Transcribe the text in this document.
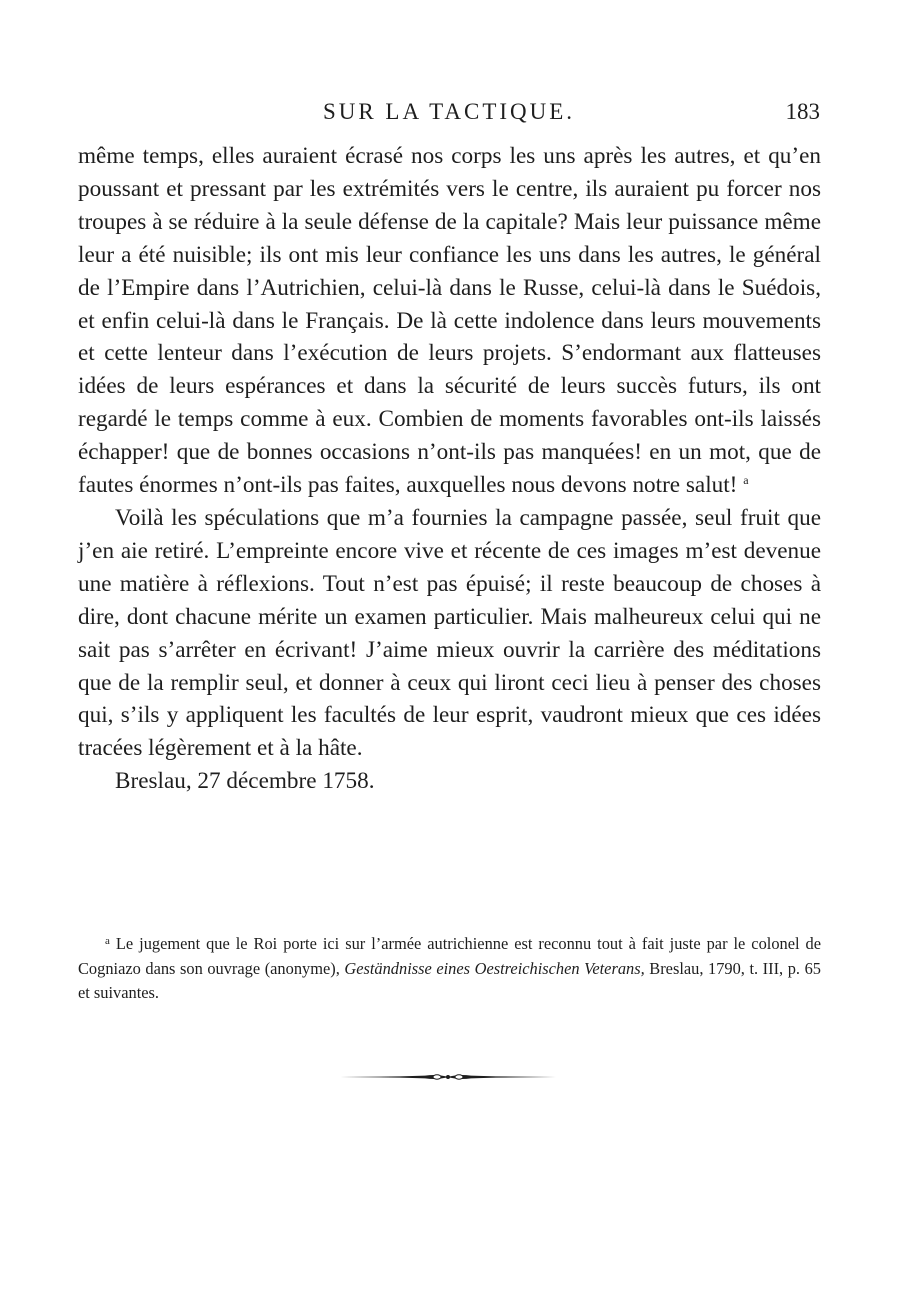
SUR LA TACTIQUE.	183

même temps, elles auraient écrasé nos corps les uns après les autres, et qu’en poussant et pressant par les extrémités vers le centre, ils auraient pu forcer nos troupes à se réduire à la seule défense de la capitale? Mais leur puissance même leur a été nuisible; ils ont mis leur confiance les uns dans les autres, le général de l’Empire dans l’Autrichien, celui-là dans le Russe, celui-là dans le Suédois, et enfin celui-là dans le Français. De là cette indolence dans leurs mouvements et cette lenteur dans l’exécution de leurs projets. S’endormant aux flatteuses idées de leurs espérances et dans la sécurité de leurs succès futurs, ils ont regardé le temps comme à eux. Combien de moments favorables ont-ils laissés échapper! que de bonnes occasions n’ont-ils pas manquées! en un mot, que de fautes énormes n’ont-ils pas faites, auxquelles nous devons notre salut! $^a$

Voilà les spéculations que m’a fournies la campagne passée, seul fruit que j’en aie retiré. L’empreinte encore vive et récente de ces images m’est devenue une matière à réflexions. Tout n’est pas épuisé; il reste beaucoup de choses à dire, dont chacune mérite un examen particulier. Mais malheureux celui qui ne sait pas s’arrêter en écrivant! J’aime mieux ouvrir la carrière des méditations que de la remplir seul, et donner à ceux qui liront ceci lieu à penser des choses qui, s’ils y appliquent les facultés de leur esprit, vaudront mieux que ces idées tracées légèrement et à la hâte.

Breslau, 27 décembre 1758.

$^a$ Le jugement que le Roi porte ici sur l’armée autrichienne est reconnu tout à fait juste par le colonel de Cogniazo dans son ouvrage (anonyme), Geständnisse eines Oestreichischen Veterans, Breslau, 1790, t. III, p. 65 et suivantes.
